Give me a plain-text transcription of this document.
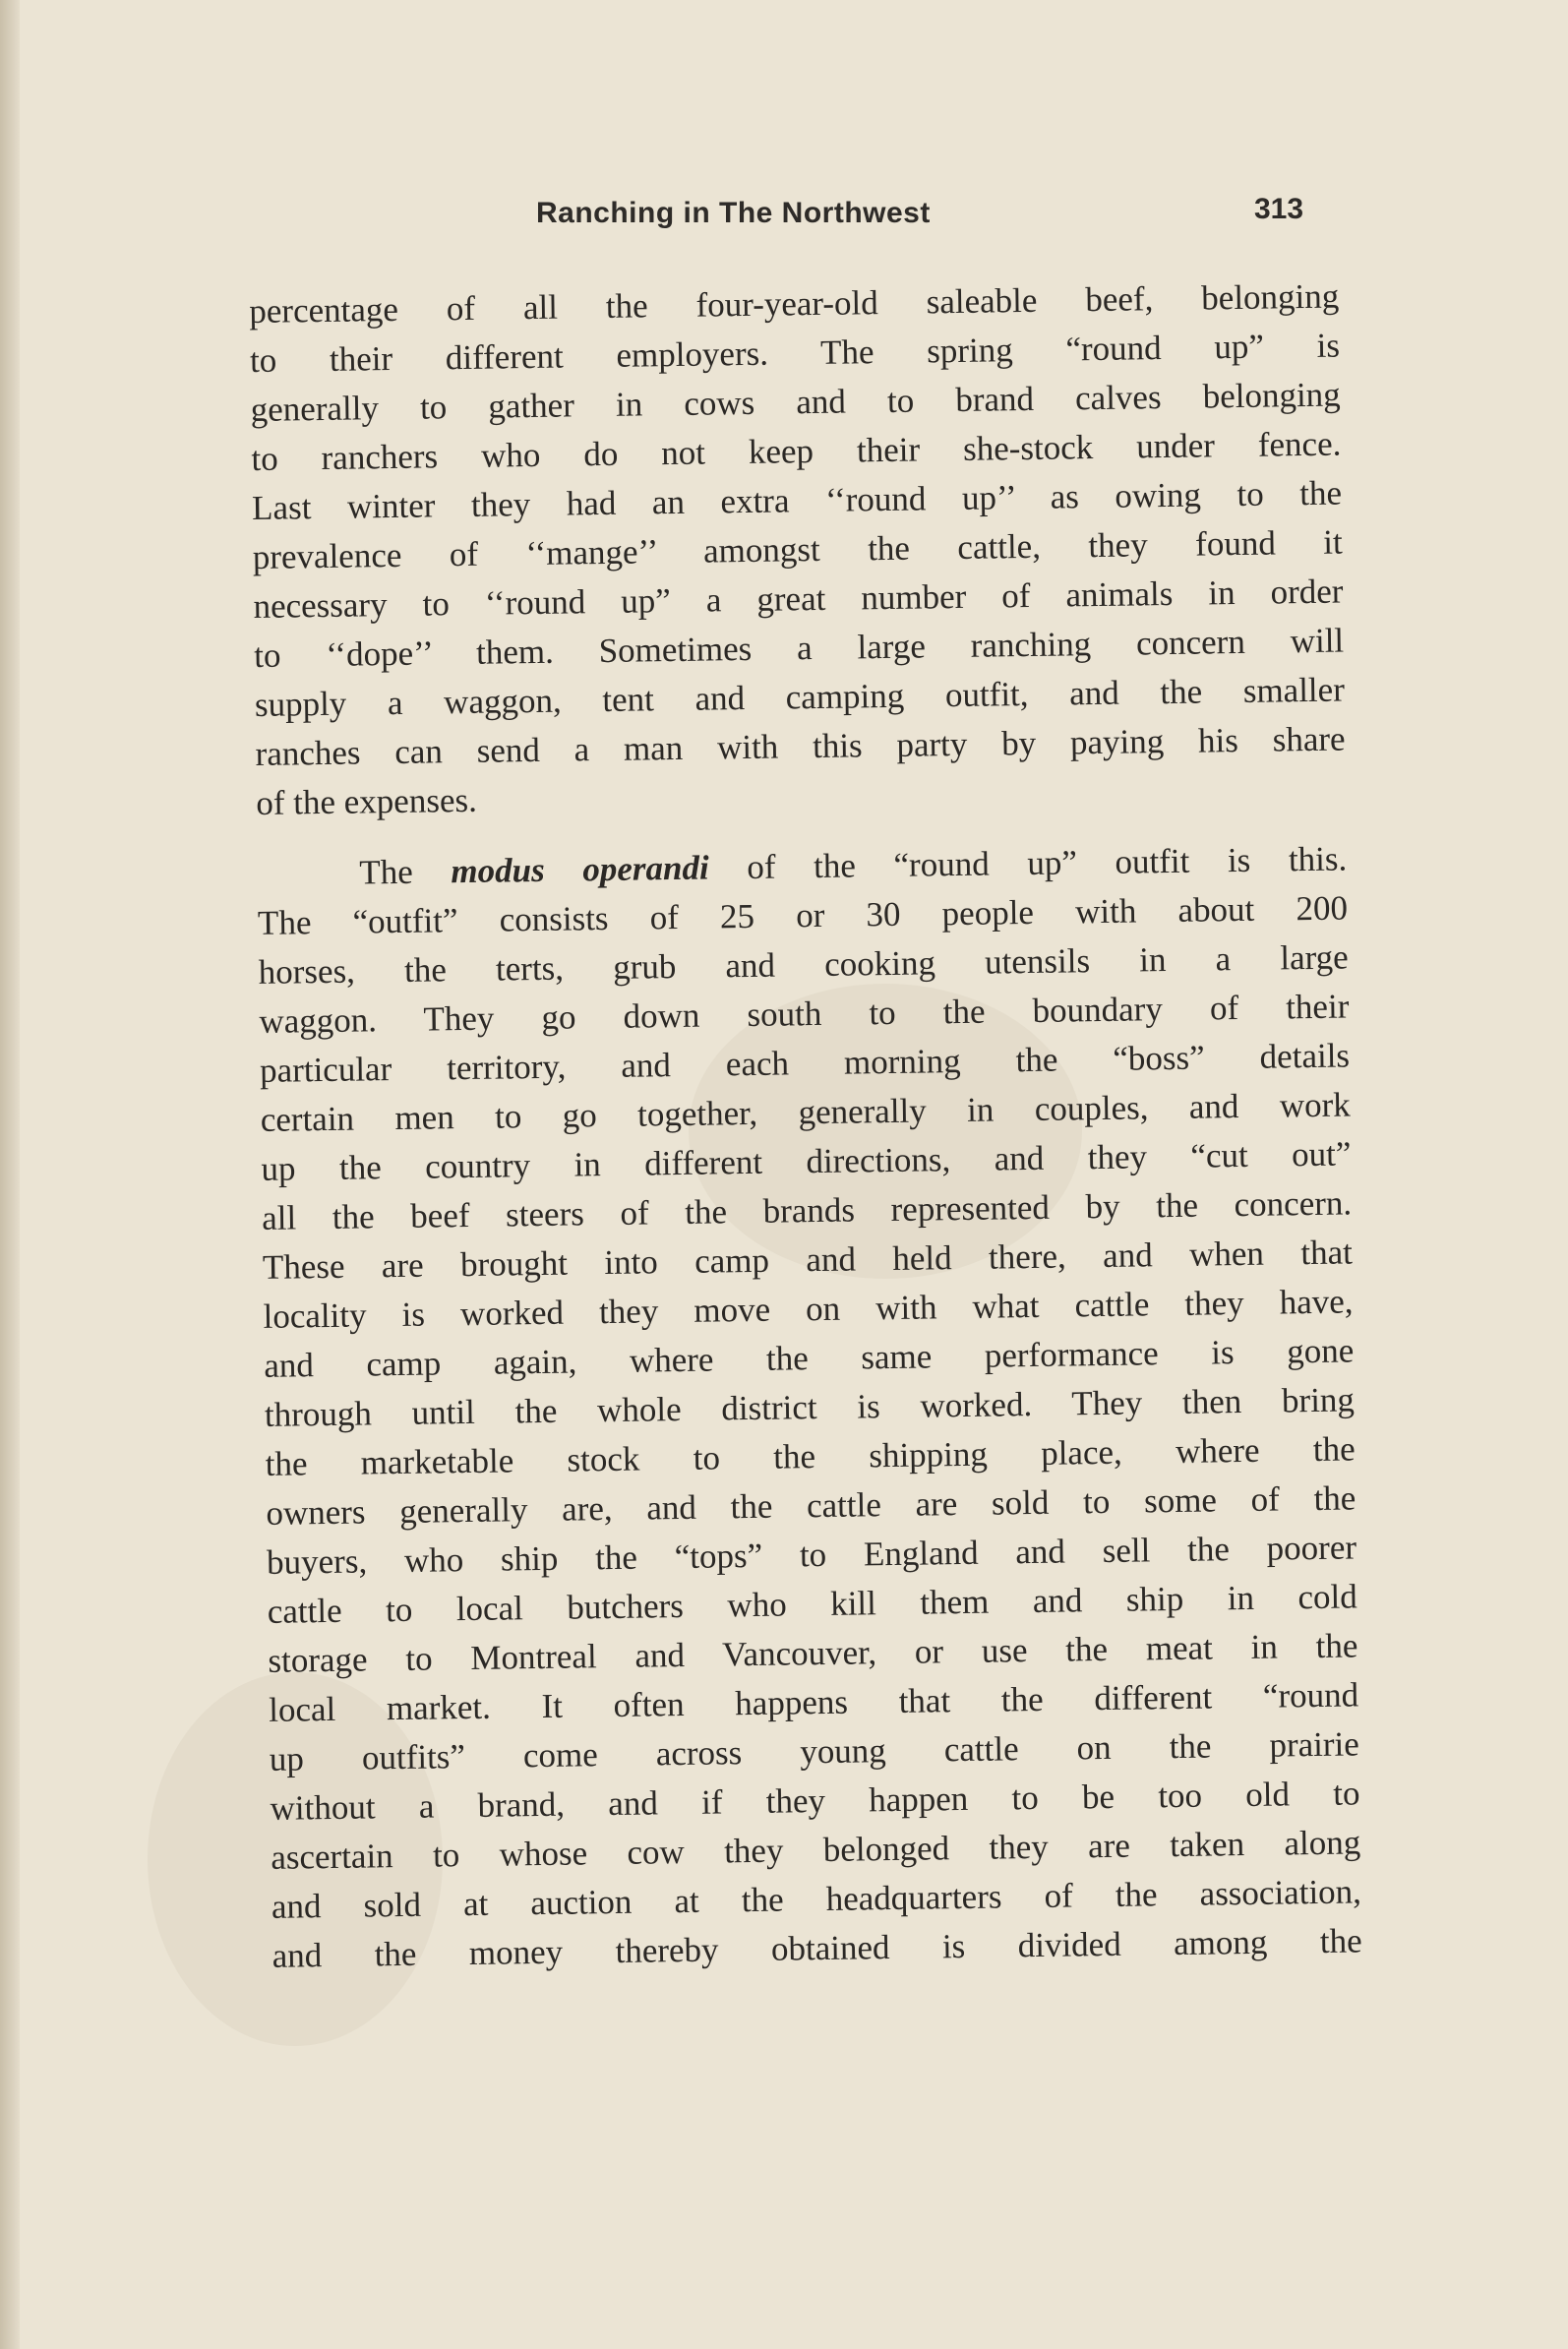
Ranching in The Northwest	313
percentage of all the four-year-old saleable beef, belonging
to their different employers. The spring “round up” is
generally to gather in cows and to brand calves belonging
to ranchers who do not keep their she-stock under fence.
Last winter they had an extra ‘‘round up’’ as owing to the
prevalence of ‘‘mange’’ amongst the cattle, they found it
necessary to ‘‘round up” a great number of animals in order
to ‘‘dope’’ them. Sometimes a large ranching concern will
supply a waggon, tent and camping outfit, and the smaller
ranches can send a man with this party by paying his share
of the expenses.
The modus operandi of the “round up” outfit is this.
The “outfit” consists of 25 or 30 people with about 200
horses, the terts, grub and cooking utensils in a large
waggon. They go down south to the boundary of their
particular territory, and each morning the “boss” details
certain men to go together, generally in couples, and work
up the country in different directions, and they “cut out”
all the beef steers of the brands represented by the concern.
These are brought into camp and held there, and when that
locality is worked they move on with what cattle they have,
and camp again, where the same performance is gone
through until the whole district is worked. They then bring
the marketable stock to the shipping place, where the
owners generally are, and the cattle are sold to some of the
buyers, who ship the “tops” to England and sell the poorer
cattle to local butchers who kill them and ship in cold
storage to Montreal and Vancouver, or use the meat in the
local market. It often happens that the different “round
up outfits” come across young cattle on the prairie
without a brand, and if they happen to be too old to
ascertain to whose cow they belonged they are taken along
and sold at auction at the headquarters of the association,
and the money thereby obtained is divided among the
